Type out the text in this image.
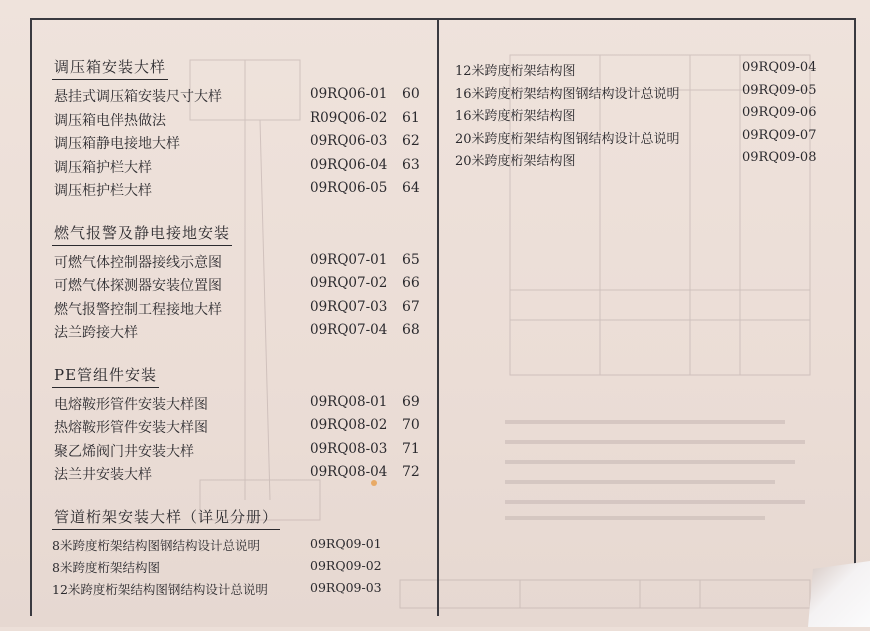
调压箱安装大样
悬挂式调压箱安装尺寸大样	09RQ06-01 60
调压箱电伴热做法	R09Q06-02 61
调压箱静电接地大样	09RQ06-03 62
调压箱护栏大样	09RQ06-04 63
调压柜护栏大样	09RQ06-05 64
燃气报警及静电接地安装
可燃气体控制器接线示意图	09RQ07-01 65
可燃气体探测器安装位置图	09RQ07-02 66
燃气报警控制工程接地大样	09RQ07-03 67
法兰跨接大样	09RQ07-04 68
PE管组件安装
电熔鞍形管件安装大样图	09RQ08-01 69
热熔鞍形管件安装大样图	09RQ08-02 70
聚乙烯阀门井安装大样	09RQ08-03 71
法兰井安装大样	09RQ08-04 72
管道桁架安装大样（详见分册）
8米跨度桁架结构图钢结构设计总说明	09RQ09-01
8米跨度桁架结构图	09RQ09-02
12米跨度桁架结构图钢结构设计总说明	09RQ09-03
12米跨度桁架结构图	09RQ09-04
16米跨度桁架结构图钢结构设计总说明	09RQ09-05
16米跨度桁架结构图	09RQ09-06
20米跨度桁架结构图钢结构设计总说明	09RQ09-07
20米跨度桁架结构图	09RQ09-08
